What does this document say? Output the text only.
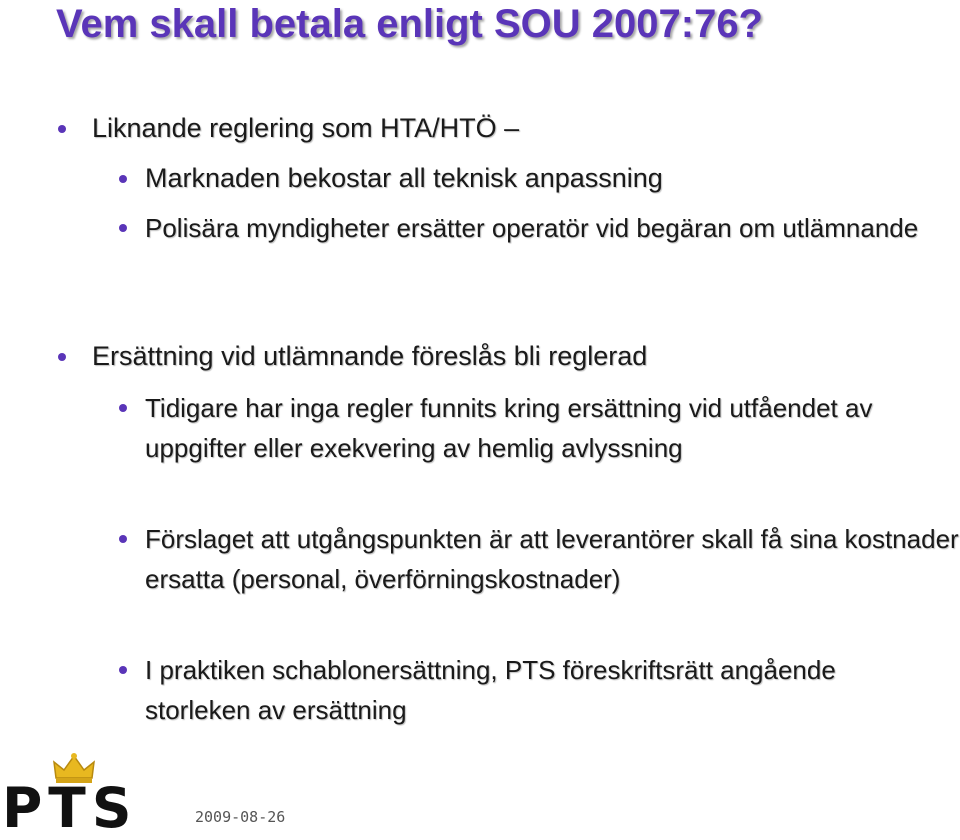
Vem skall betala enligt SOU 2007:76?
Liknande reglering som HTA/HTÖ –
Marknaden bekostar all teknisk anpassning
Polisära myndigheter ersätter operatör vid begäran om utlämnande
Ersättning vid utlämnande föreslås bli reglerad
Tidigare har inga regler funnits kring ersättning vid utfåendet av uppgifter eller exekvering av hemlig avlyssning
Förslaget att utgångspunkten är att leverantörer skall få sina kostnader ersatta (personal, överförningskostnader)
I praktiken schablonersättning, PTS föreskriftsrätt angående storleken av ersättning
PTS	2009-08-26
